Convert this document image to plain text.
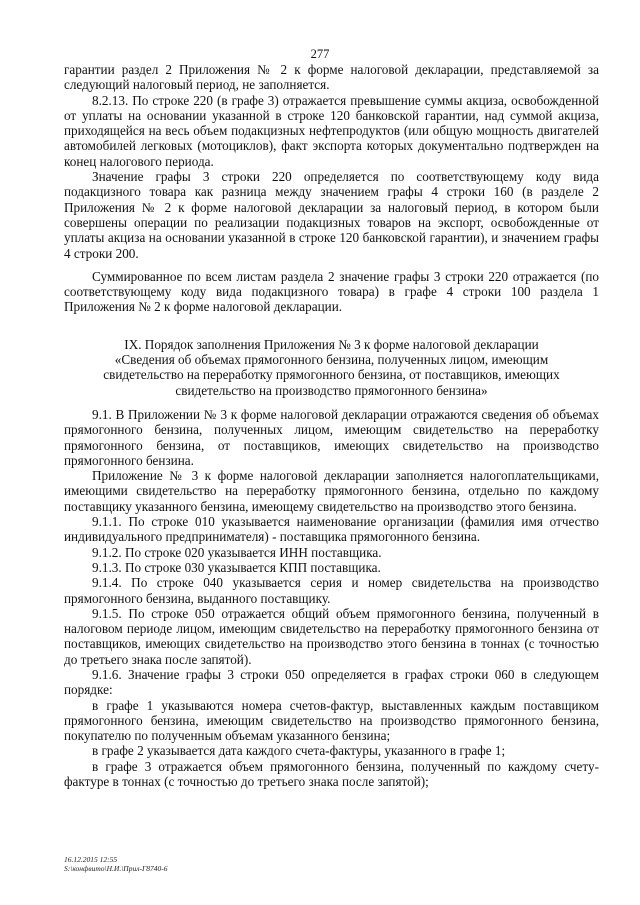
277

гарантии раздел 2 Приложения № 2 к форме налоговой декларации, представляемой за следующий налоговый период, не заполняется.

8.2.13. По строке 220 (в графе 3) отражается превышение суммы акциза, освобожденной от уплаты на основании указанной в строке 120 банковской гарантии, над суммой акциза, приходящейся на весь объем подакцизных нефтепродуктов (или общую мощность двигателей автомобилей легковых (мотоциклов), факт экспорта которых документально подтвержден на конец налогового периода.

Значение графы 3 строки 220 определяется по соответствующему коду вида подакцизного товара как разница между значением графы 4 строки 160 (в разделе 2 Приложения № 2 к форме налоговой декларации за налоговый период, в котором были совершены операции по реализации подакцизных товаров на экспорт, освобожденные от уплаты акциза на основании указанной в строке 120 банковской гарантии), и значением графы 4 строки 200.

Суммированное по всем листам раздела 2 значение графы 3 строки 220 отражается (по соответствующему коду вида подакцизного товара) в графе 4 строки 100 раздела 1 Приложения № 2 к форме налоговой декларации.

IX. Порядок заполнения Приложения № 3 к форме налоговой декларации
«Сведения об объемах прямогонного бензина, полученных лицом, имеющим
свидетельство на переработку прямогонного бензина, от поставщиков, имеющих
свидетельство на производство прямогонного бензина»

9.1. В Приложении № 3 к форме налоговой декларации отражаются сведения об объемах прямогонного бензина, полученных лицом, имеющим свидетельство на переработку прямогонного бензина, от поставщиков, имеющих свидетельство на производство прямогонного бензина.

Приложение № 3 к форме налоговой декларации заполняется налогоплательщиками, имеющими свидетельство на переработку прямогонного бензина, отдельно по каждому поставщику указанного бензина, имеющему свидетельство на производство этого бензина.

9.1.1. По строке 010 указывается наименование организации (фамилия имя отчество индивидуального предпринимателя) - поставщика прямогонного бензина.

9.1.2. По строке 020 указывается ИНН поставщика.

9.1.3. По строке 030 указывается КПП поставщика.

9.1.4. По строке 040 указывается серия и номер свидетельства на производство прямогонного бензина, выданного поставщику.

9.1.5. По строке 050 отражается общий объем прямогонного бензина, полученный в налоговом периоде лицом, имеющим свидетельство на переработку прямогонного бензина от поставщиков, имеющих свидетельство на производство этого бензина в тоннах (с точностью до третьего знака после запятой).

9.1.6. Значение графы 3 строки 050 определяется в графах строки 060 в следующем порядке:

в графе 1 указываются номера счетов-фактур, выставленных каждым поставщиком прямогонного бензина, имеющим свидетельство на производство прямогонного бензина, покупателю по полученным объемам указанного бензина;

в графе 2 указывается дата каждого счета-фактуры, указанного в графе 1;

в графе 3 отражается объем прямогонного бензина, полученный по каждому счету-фактуре в тоннах (с точностью до третьего знака после запятой);

16.12.2015 12:55
S:\конфвито\Н.И.\Прил-Г8740-6
